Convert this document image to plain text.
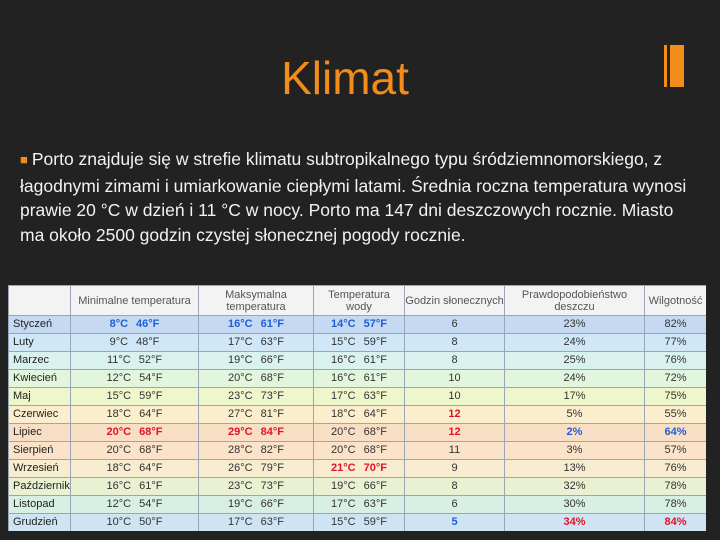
Klimat
■ Porto znajduje się w strefie klimatu subtropikalnego typu śródziemnomorskiego, z łagodnymi zimami i umiarkowanie ciepłymi latami. Średnia roczna temperatura wynosi prawie 20 °C w dzień i 11 °C w nocy. Porto ma 147 dni deszczowych rocznie. Miasto ma około 2500 godzin czystej słonecznej pogody rocznie.
	Minimalne temperatura	Maksymalna temperatura	Temperatura wody	Godzin słonecznych	Prawdopodobieństwo deszczu	Wilgotność
Styczeń	8°C 46°F	16°C 61°F	14°C 57°F	6	23%	82%
Luty	9°C 48°F	17°C 63°F	15°C 59°F	8	24%	77%
Marzec	11°C 52°F	19°C 66°F	16°C 61°F	8	25%	76%
Kwiecień	12°C 54°F	20°C 68°F	16°C 61°F	10	24%	72%
Maj	15°C 59°F	23°C 73°F	17°C 63°F	10	17%	75%
Czerwiec	18°C 64°F	27°C 81°F	18°C 64°F	12	5%	55%
Lipiec	20°C 68°F	29°C 84°F	20°C 68°F	12	2%	64%
Sierpień	20°C 68°F	28°C 82°F	20°C 68°F	11	3%	57%
Wrzesień	18°C 64°F	26°C 79°F	21°C 70°F	9	13%	76%
Październik	16°C 61°F	23°C 73°F	19°C 66°F	8	32%	78%
Listopad	12°C 54°F	19°C 66°F	17°C 63°F	6	30%	78%
Grudzień	10°C 50°F	17°C 63°F	15°C 59°F	5	34%	84%
